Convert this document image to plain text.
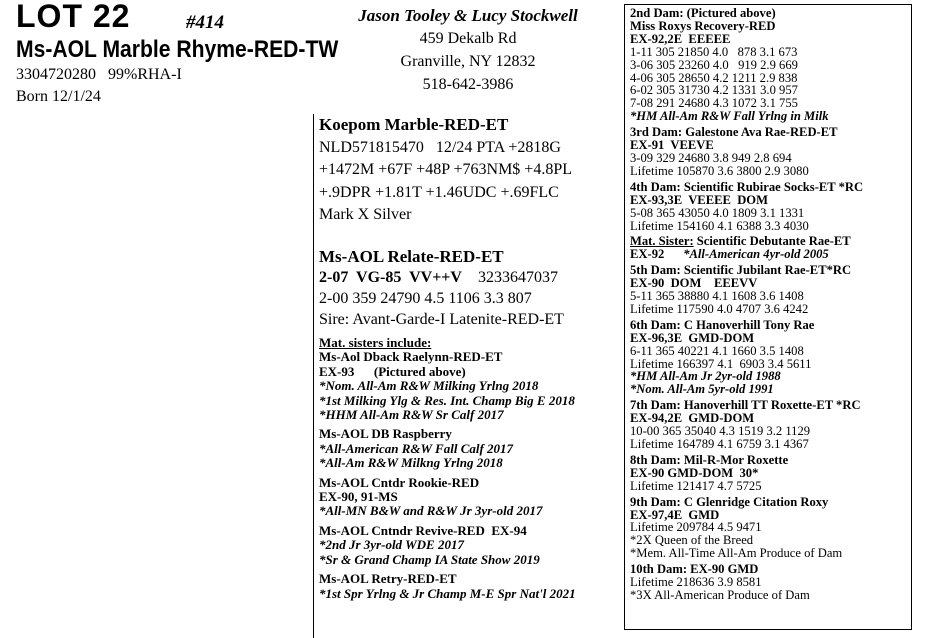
LOT 22	#414
Ms-AOL Marble Rhyme-RED-TW
3304720280 99%RHA-I
Born 12/1/24
Jason Tooley & Lucy Stockwell
459 Dekalb Rd
Granville, NY 12832
518-642-3986
Koepom Marble-RED-ET
NLD571815470   12/24 PTA +2818G
+1472M +67F +48P +763NM$ +4.8PL
+.9DPR +1.81T +1.46UDC +.69FLC
Mark X Silver
Ms-AOL Relate-RED-ET
2-07  VG-85  VV++V 3233647037
2-00 359 24790 4.5 1106 3.3 807
Sire: Avant-Garde-I Latenite-RED-ET
Mat. sisters include:
Ms-Aol Dback Raelynn-RED-ET
EX-93      (Pictured above)
*Nom. All-Am R&W Milking Yrlng 2018
*1st Milking Ylg & Res. Int. Champ Big E 2018
*HHM All-Am R&W Sr Calf 2017
Ms-AOL DB Raspberry
*All-American R&W Fall Calf 2017
*All-Am R&W Milkng Yrlng 2018
Ms-AOL Cntdr Rookie-RED
EX-90, 91-MS
*All-MN B&W and R&W Jr 3yr-old 2017
Ms-AOL Cntndr Revive-RED  EX-94
*2nd Jr 3yr-old WDE 2017
*Sr & Grand Champ IA State Show 2019
Ms-AOL Retry-RED-ET
*1st Spr Yrlng & Jr Champ M-E Spr Nat'l 2021
2nd Dam: (Pictured above)
Miss Roxys Recovery-RED
EX-92,2E  EEEEE
1-11 305 21850 4.0   878 3.1 673
3-06 305 23260 4.0   919 2.9 669
4-06 305 28650 4.2 1211 2.9 838
6-02 305 31730 4.2 1331 3.0 957
7-08 291 24680 4.3 1072 3.1 755
*HM All-Am R&W Fall Yrlng in Milk
3rd Dam: Galestone Ava Rae-RED-ET
EX-91  VEEVE
3-09 329 24680 3.8 949 2.8 694
Lifetime 105870 3.6 3800 2.9 3080
4th Dam: Scientific Rubirae Socks-ET *RC
EX-93,3E  VEEEE  DOM
5-08 365 43050 4.0 1809 3.1 1331
Lifetime 154160 4.1 6388 3.3 4030
Mat. Sister: Scientific Debutante Rae-ET
EX-92 *All-American 4yr-old 2005
5th Dam: Scientific Jubilant Rae-ET*RC
EX-90  DOM    EEEVV
5-11 365 38880 4.1 1608 3.6 1408
Lifetime 117590 4.0 4707 3.6 4242
6th Dam: C Hanoverhill Tony Rae
EX-96,3E  GMD-DOM
6-11 365 40221 4.1 1660 3.5 1408
Lifetime 166397 4.1  6903 3.4 5611
*HM All-Am Jr 2yr-old 1988
*Nom. All-Am 5yr-old 1991
7th Dam: Hanoverhill TT Roxette-ET *RC
EX-94,2E  GMD-DOM
10-00 365 35040 4.3 1519 3.2 1129
Lifetime 164789 4.1 6759 3.1 4367
8th Dam: Mil-R-Mor Roxette
EX-90 GMD-DOM  30*
Lifetime 121417 4.7 5725
9th Dam: C Glenridge Citation Roxy
EX-97,4E  GMD
Lifetime 209784 4.5 9471
*2X Queen of the Breed
*Mem. All-Time All-Am Produce of Dam
10th Dam: EX-90 GMD
Lifetime 218636 3.9 8581
*3X All-American Produce of Dam
